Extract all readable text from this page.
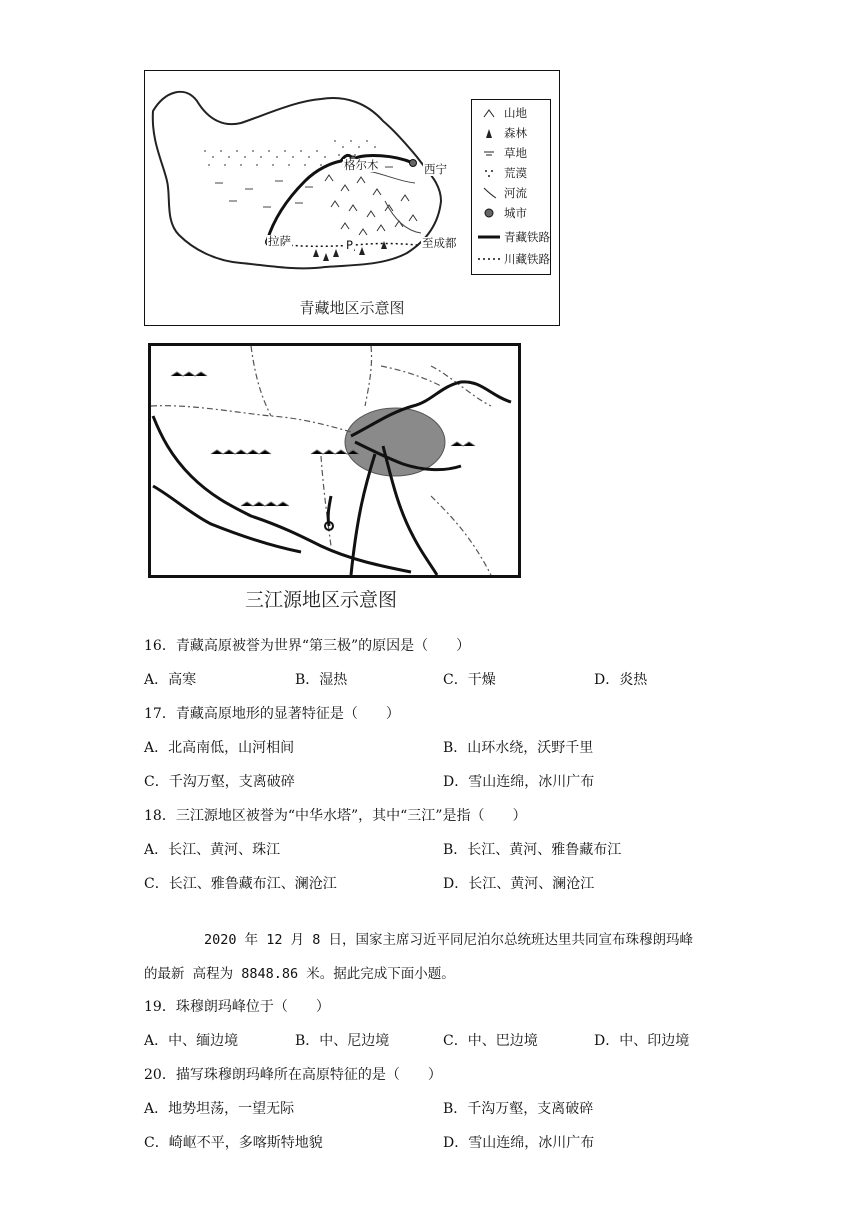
格尔木	西宁
拉萨	P	至成都
山地
森林
草地
荒漠
河流
城市
青藏铁路
川藏铁路
青藏地区示意图
三江源地区示意图
16．青藏高原被誉为世界“第三极”的原因是（　　）
A．高寒	B．湿热	C．干燥	D．炎热
17．青藏高原地形的显著特征是（　　）
A．北高南低，山河相间	B．山环水绕，沃野千里
C．千沟万壑，支离破碎	D．雪山连绵，冰川广布
18．三江源地区被誉为“中华水塔”，其中“三江”是指（　　）
A．长江、黄河、珠江	B．长江、黄河、雅鲁藏布江
C．长江、雅鲁藏布江、澜沧江	D．长江、黄河、澜沧江
2020 年 12 月 8 日，国家主席习近平同尼泊尔总统班达里共同宣布珠穆朗玛峰
的最新 高程为 8848.86 米。据此完成下面小题。
19．珠穆朗玛峰位于（　　）
A．中、缅边境	B．中、尼边境	C．中、巴边境	D．中、印边境
20．描写珠穆朗玛峰所在高原特征的是（　　）
A．地势坦荡，一望无际	B．千沟万壑，支离破碎
C．崎岖不平，多喀斯特地貌	D．雪山连绵，冰川广布
